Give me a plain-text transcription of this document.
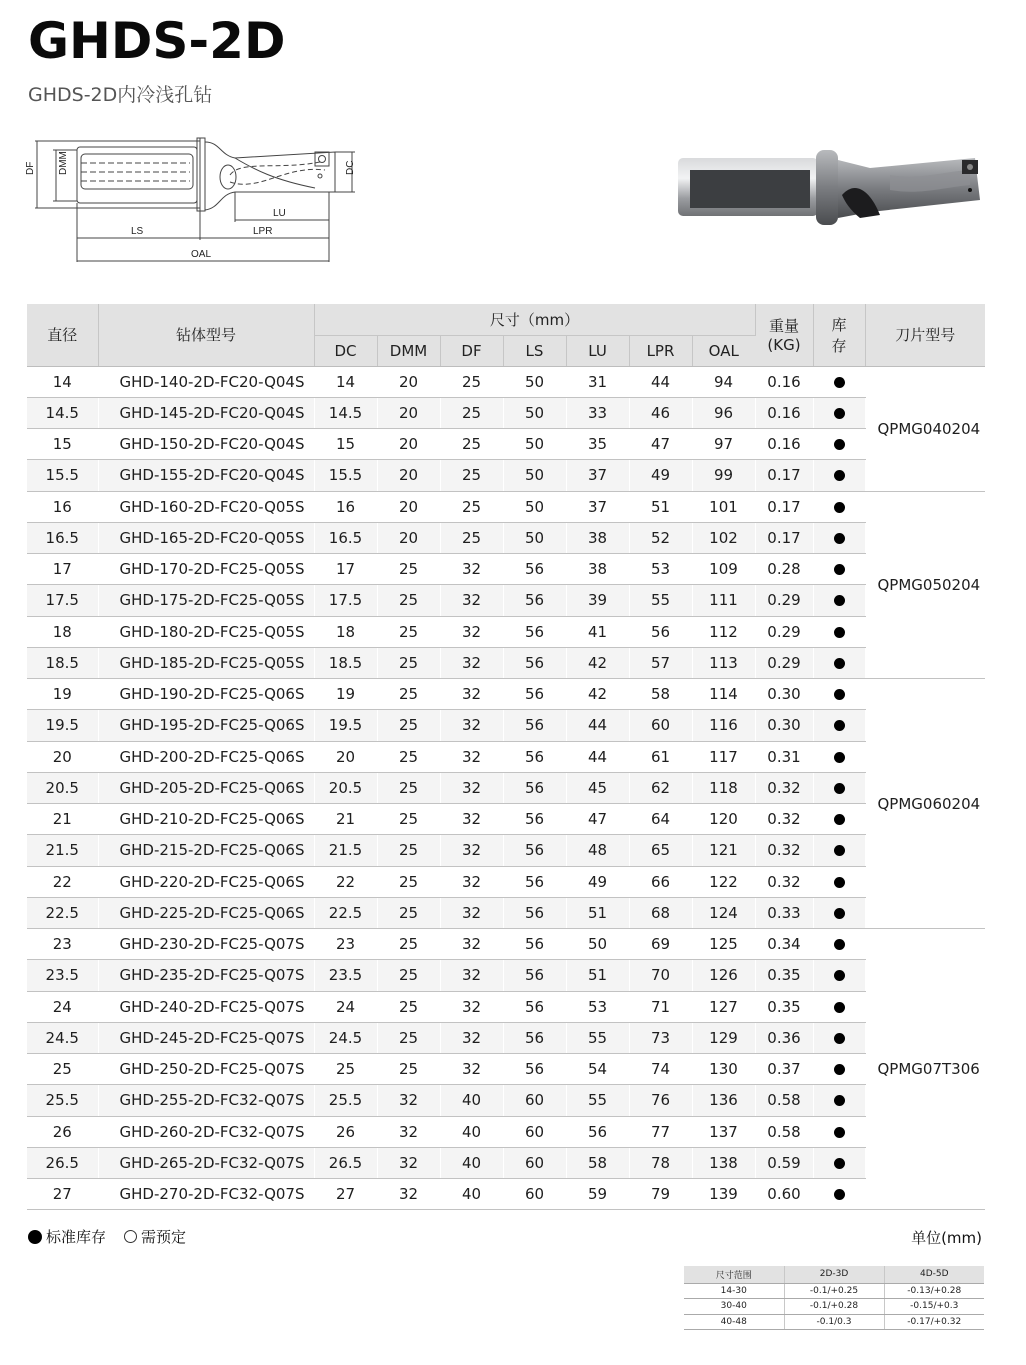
GHDS-2D
GHDS-2D内冷浅孔钻
DF DMM	DC
LU
LS	LPR
OAL
直径	钻体型号	尺寸（mm）	重量
(KG)

库
存
	刀片型号
		DC	DMM	DF	LS	LU	LPR	OAL			
14	GHD-140-2D-FC20-Q04S	14	20	25	50	31	44	94	0.16		QPMG040204
14.5	GHD-145-2D-FC20-Q04S	14.5	20	25	50	33	46	96	0.16		
15	GHD-150-2D-FC20-Q04S	15	20	25	50	35	47	97	0.16		
15.5	GHD-155-2D-FC20-Q04S	15.5	20	25	50	37	49	99	0.17		
16	GHD-160-2D-FC20-Q05S	16	20	25	50	37	51	101	0.17		QPMG050204
16.5	GHD-165-2D-FC20-Q05S	16.5	20	25	50	38	52	102	0.17		
17	GHD-170-2D-FC25-Q05S	17	25	32	56	38	53	109	0.28		
17.5	GHD-175-2D-FC25-Q05S	17.5	25	32	56	39	55	111	0.29		
18	GHD-180-2D-FC25-Q05S	18	25	32	56	41	56	112	0.29		
18.5	GHD-185-2D-FC25-Q05S	18.5	25	32	56	42	57	113	0.29		
19	GHD-190-2D-FC25-Q06S	19	25	32	56	42	58	114	0.30		QPMG060204
19.5	GHD-195-2D-FC25-Q06S	19.5	25	32	56	44	60	116	0.30		
20	GHD-200-2D-FC25-Q06S	20	25	32	56	44	61	117	0.31		
20.5	GHD-205-2D-FC25-Q06S	20.5	25	32	56	45	62	118	0.32		
21	GHD-210-2D-FC25-Q06S	21	25	32	56	47	64	120	0.32		
21.5	GHD-215-2D-FC25-Q06S	21.5	25	32	56	48	65	121	0.32		
22	GHD-220-2D-FC25-Q06S	22	25	32	56	49	66	122	0.32		
22.5	GHD-225-2D-FC25-Q06S	22.5	25	32	56	51	68	124	0.33		
23	GHD-230-2D-FC25-Q07S	23	25	32	56	50	69	125	0.34		QPMG07T306
23.5	GHD-235-2D-FC25-Q07S	23.5	25	32	56	51	70	126	0.35		
24	GHD-240-2D-FC25-Q07S	24	25	32	56	53	71	127	0.35		
24.5	GHD-245-2D-FC25-Q07S	24.5	25	32	56	55	73	129	0.36		
25	GHD-250-2D-FC25-Q07S	25	25	32	56	54	74	130	0.37		
25.5	GHD-255-2D-FC32-Q07S	25.5	32	40	60	55	76	136	0.58		
26	GHD-260-2D-FC32-Q07S	26	32	40	60	56	77	137	0.58		
26.5	GHD-265-2D-FC32-Q07S	26.5	32	40	60	58	78	138	0.59		
27	GHD-270-2D-FC32-Q07S	27	32	40	60	59	79	139	0.60		
标准库存 需预定	单位(mm)
尺寸范围	2D-3D	4D-5D
14-30	-0.1/+0.25	-0.13/+0.28
30-40	-0.1/+0.28	-0.15/+0.3
40-48	-0.1/0.3	-0.17/+0.32
